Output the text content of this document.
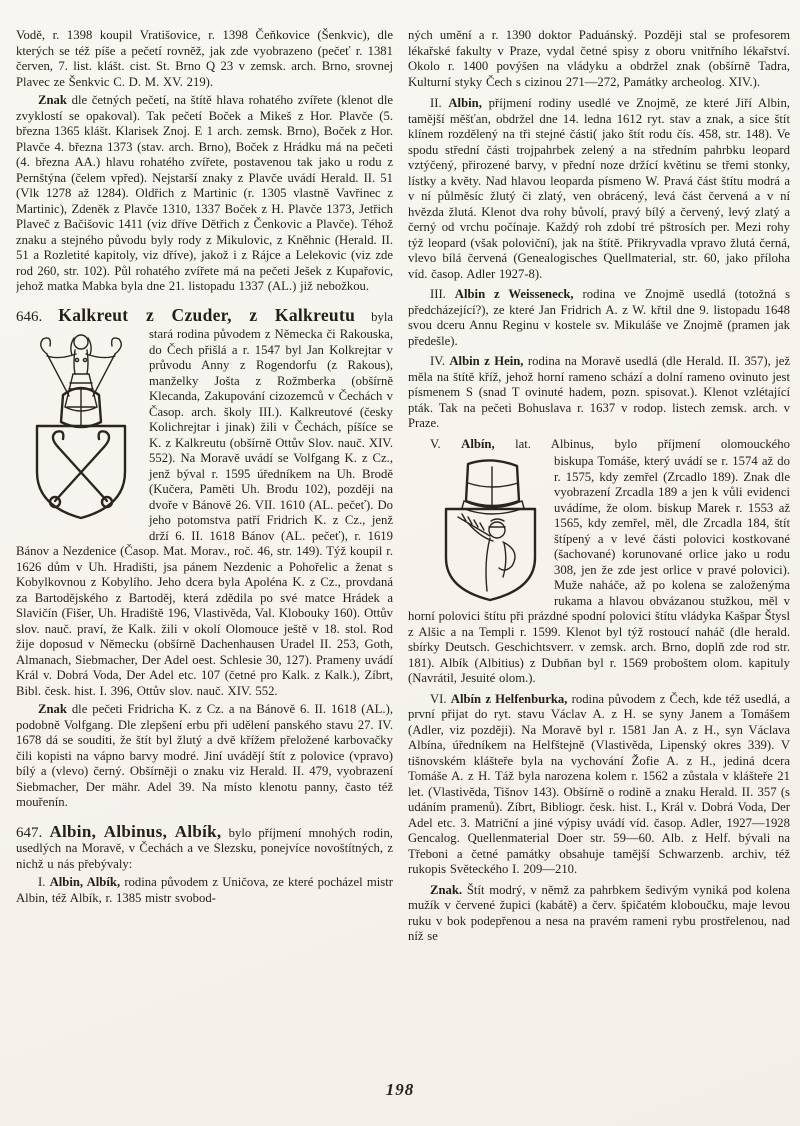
Vodě, r. 1398 koupil Vratišovice, r. 1398 Čeňkovice (Šenkvic), dle kterých se též píše a pečetí rovněž, jak zde vyobrazeno (pečeť r. 1381 červen, 7. list. klášt. cist. St. Brno Q 23 v zemsk. arch. Brno, srovnej Plavec ze Šenkvic C. D. M. XV. 219).

Znak dle četných pečetí, na štítě hlava rohatého zvířete (klenot dle zvyklostí se opakoval). Tak pečetí Boček a Mikeš z Hor. Plavče (5. března 1365 klášt. Klarisek Znoj. E 1 arch. zemsk. Brno), Boček z Hor. Plavče 4. března 1373 (stav. arch. Brno), Boček z Hrádku má na pečeti (4. března AA.) hlavu rohatého zvířete, postavenou tak jako u rodu z Pernštýna (čelem vpřed). Nejstarší znaky z Plavče uvádí Herald. II. 51 (Vlk 1278 až 1284). Oldřich z Martinic (r. 1305 vlastně Vavřinec z Martinic), Zdeněk z Plavče 1310, 1337 Boček z H. Plavče 1373, Jetřich Plaveč z Bačišovic 1411 (viz dříve Dětřich z Čenkovic a Plavče). Téhož znaku a stejného původu byly rody z Mikulovic, z Kněhnic (Herald. II. 51 a Rozletité kapitoly, viz dříve), jakož i z Rájce a Lelekovic (viz zde rod 260, str. 102). Půl rohatého zvířete má na pečeti Ješek z Kupařovic, jehož matka Mabka byla dne 21. listopadu 1337 (AL.) již nebožkou.

646. Kalkreut z Czuder, z Kalkreutu byla

stará rodina původem z Německa či Rakouska, do Čech přišlá a r. 1547 byl Jan Kolkrejtar v průvodu Anny z Rogendorfu (z Rakous), manželky Jošta z Rožmberka (obšírně Klecanda, Zakupování cizozemců v Čechách v Časop. arch. školy III.). Kalkreutové (česky Kolichrejtar i jinak) žili v Čechách, píšíce se K. z Kalkreutu (obšírně Ottův Slov. nauč. XIV. 552). Na Moravě uvádí se Volfgang K. z Cz., jenž býval r. 1595 úředníkem na Uh. Brodě (Kučera, Paměti Uh. Brodu 102), později na dvoře v Bánově 26. VII. 1610 (AL. pečeť). Do jeho potomstva patří Fridrich K. z Cz., jenž drží 6. II. 1618 Bánov (AL. pečeť), r. 1619 Bánov a Nezdenice (Časop. Mat. Morav., roč. 46, str. 149). Týž koupil r. 1626 dům v Uh. Hradišti, jsa pánem Nezdenic a Pohořelic a ženat s Kobylkovnou z Kobylího. Jeho dcera byla Apoléna K. z Cz., provdaná za Bartodějského z Bartoděj, která zdědila po své matce Hrádek a Slavičín (Fišer, Uh. Hradiště 196, Vlastivěda, Val. Klobouky 160). Ottův slov. nauč. praví, že Kalk. žili v okolí Olomouce ještě v 18. stol. Rod žije doposud v Německu (obšírně Dachenhausen Uradel II. 253, Goth, Almanach, Siebmacher, Der Adel oest. Schlesie 30, 127). Prameny uvádí Král v. Dobrá Voda, Der Adel etc. 107 (četné pro Kalk. z Kalk.), Zíbrt, Bibl. česk. hist. I. 396, Ottův slov. nauč. XIV. 552.

Znak dle pečeti Fridricha K. z Cz. a na Bánově 6. II. 1618 (AL.), podobně Volfgang. Dle zlepšení erbu při udělení panského stavu 27. IV. 1678 dá se souditi, že štít byl žlutý a dvě křížem přeložené karbovačky čili kopisti na vápno barvy modré. Jiní uvádějí štít z polovice (vpravo) bílý a (vlevo) černý. Obšírněji o znaku viz Herald. II. 479, vyobrazení Siebmacher, Der mähr. Adel 39. Na místo klenotu panny, často též mouřenín.

647. Albin, Albinus, Albík, bylo příjmení mnohých rodin, usedlých na Moravě, v Čechách a ve Slezsku, ponejvíce novoštítných, z nichž u nás přebývaly:

I. Albin, Albík, rodina původem z Uničova, ze které pocházel mistr Albin, též Albík, r. 1385 mistr svobod-

ných umění a r. 1390 doktor Paduánský. Později stal se profesorem lékařské fakulty v Praze, vydal četné spisy z oboru vnitřního lékařství. Okolo r. 1400 povýšen na vládyku a obdržel znak (obšírně Tadra, Kulturní styky Čech s cizinou 271—272, Památky archeolog. XIV.).

II. Albin, příjmení rodiny usedlé ve Znojmě, ze které Jiří Albin, tamější měšťan, obdržel dne 14. ledna 1612 ryt. stav a znak, a sice štít klínem rozdělený na tři stejné části( jako štít rodu čís. 458, str. 148). Ve spodu střední části trojpahrbek zelený a na středním pahrbku leopard vztýčený, přirozené barvy, v přední noze držící květinu se třemi stonky, lístky a květy. Nad hlavou leoparda písmeno W. Pravá část štítu modrá a v ní půlměsíc žlutý či zlatý, ven obrácený, levá část červená a v ní hvězda žlutá. Klenot dva rohy bůvolí, pravý bílý a červený, levý zlatý a černý od vrchu počínaje. Každý roh zdobí tré pštrosích per. Mezi rohy týž leopard (však poloviční), jak na štítě. Přikryvadla vpravo žlutá černá, vlevo bílá červená (Genealogisches Quellmaterial, str. 60, jako příloha víd. časop. Adler 1927-8).

III. Albin z Weisseneck, rodina ve Znojmě usedlá (totožná s předcházející?), ze které Jan Fridrich A. z W. křtil dne 9. listopadu 1648 svou dceru Annu Reginu v kostele sv. Mikuláše ve Znojmě (pramen jak předešle).

IV. Albin z Hein, rodina na Moravě usedlá (dle Herald. II. 357), jež měla na štítě kříž, jehož horní rameno schází a dolní rameno ovinuto jest písmenem S (snad T ovinuté hadem, pozn. spisovat.). Klenot vzlétající pták. Tak na pečeti Bohuslava r. 1637 v rodop. listech zemsk. arch. v Praze.

V. Albín, lat. Albinus, bylo příjmení olomouckého

biskupa Tomáše, který uvádí se r. 1574 až do r. 1575, kdy zemřel (Zrcadlo 189). Znak dle vyobrazení Zrcadla 189 a jen k vůli evidenci uvádíme, že olom. biskup Marek r. 1553 až 1565, kdy zemřel, měl, dle Zrcadla 184, štít štípený a v levé části polovici kostkované (šachované) korunované orlice jako u rodu 308, jen že zde jest orlice v pravé polovici). Muže naháče, až po kolena se založenýma rukama a hlavou obvázanou stužkou, měl v horní polovici štítu při prázdné spodní polovici štítu vládyka Kašpar Štysl z Alšic a na Templi r. 1599. Klenot byl týž rostoucí naháč (dle herald. sbírky Deutsch. Geschichtsverr. v zemsk. arch. Brno, doplň zde rod str. 181). Albík (Albitius) z Dubňan byl r. 1569 proboštem olom. kapituly (Navrátil, Jesuité olom.).

VI. Albín z Helfenburka, rodina původem z Čech, kde též usedlá, a první přijat do ryt. stavu Václav A. z H. se syny Janem a Tomášem (Adler, viz později). Na Moravě byl r. 1581 Jan A. z H., syn Václava Albína, úředníkem na Helfštejně (Vlastivěda, Lipenský okres 339). V tišnovském klášteře byla na vychování Žofie A. z H., jediná dcera Tomáše A. z H. Táž byla narozena kolem r. 1562 a zůstala v klášteře 21 let. (Vlastivěda, Tišnov 143). Obšírně o rodině a znaku Herald. II. 357 (s udáním pramenů). Zíbrt, Bibliogr. česk. hist. I., Král v. Dobrá Voda, Der Adel etc. 3. Matriční a jiné výpisy uvádí víd. časop. Adler, 1927—1928 Gencalog. Quellenmaterial Doer str. 59—60. Alb. z Helf. bývali na Třeboni a četné památky obsahuje tamější Schwarzenb. archiv, též rukopis Světeckého I. 209—210.

Znak. Štít modrý, v němž za pahrbkem šedivým vyniká pod kolena mužík v červené župici (kabátě) a červ. špičatém kloboučku, maje levou ruku v bok podepřenou a nesa na pravém rameni rybu prostřelenou, nad níž se

198
